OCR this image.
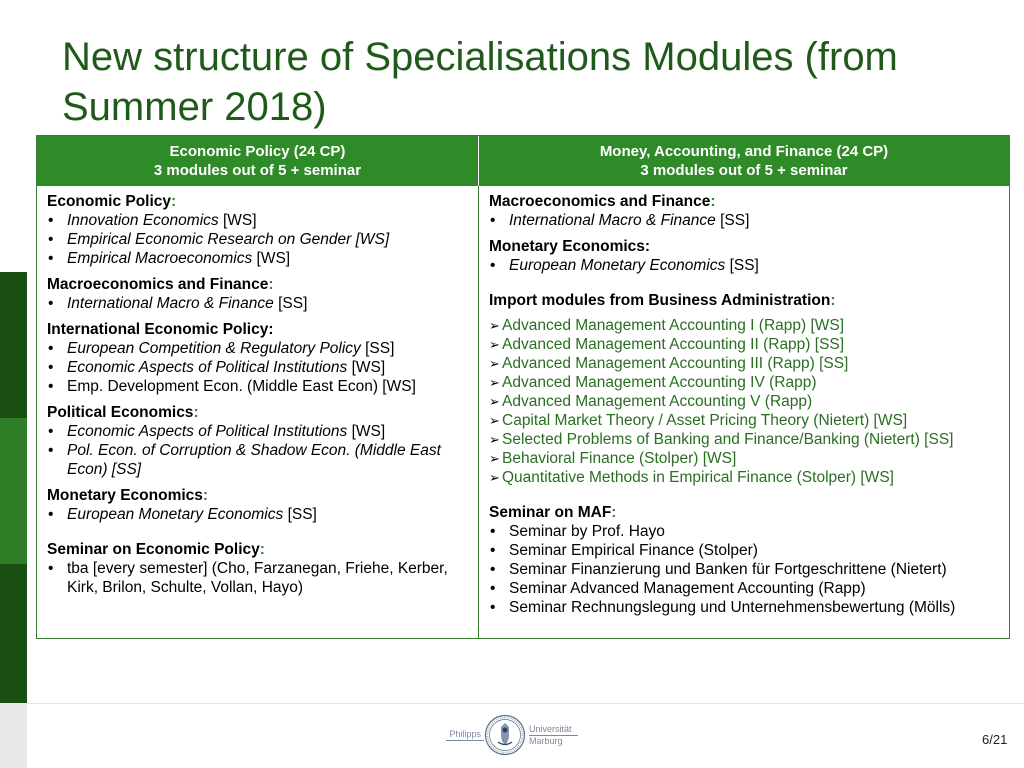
New structure of Specialisations Modules (from Summer 2018)
Economic Policy (24 CP)
3 modules out of 5 + seminar
Money, Accounting, and Finance (24 CP)
3 modules out of 5 + seminar
Economic Policy:
• Innovation Economics [WS]
• Empirical Economic Research on Gender [WS]
• Empirical Macroeconomics [WS]
Macroeconomics and Finance:
• International Macro & Finance [SS]
International Economic Policy:
• European Competition & Regulatory Policy [SS]
• Economic Aspects of Political Institutions [WS]
• Emp. Development Econ. (Middle East Econ) [WS]
Political Economics:
• Economic Aspects of Political Institutions [WS]
• Pol. Econ. of Corruption & Shadow Econ. (Middle East Econ) [SS]
Monetary Economics:
• European Monetary Economics [SS]
Seminar on Economic Policy:
• tba [every semester] (Cho, Farzanegan, Friehe, Kerber, Kirk, Brilon, Schulte, Vollan, Hayo)
Macroeconomics and Finance:
• International Macro & Finance [SS]
Monetary Economics:
• European Monetary Economics [SS]
Import modules from Business Administration:
➢ Advanced Management Accounting I (Rapp) [WS]
➢ Advanced Management Accounting II (Rapp) [SS]
➢ Advanced Management Accounting III (Rapp) [SS]
➢ Advanced Management Accounting IV (Rapp)
➢ Advanced Management Accounting V (Rapp)
➢ Capital Market Theory / Asset Pricing Theory (Nietert) [WS]
➢ Selected Problems of Banking and Finance/Banking (Nietert) [SS]
➢ Behavioral Finance (Stolper) [WS]
➢ Quantitative Methods in Empirical Finance (Stolper) [WS]
Seminar on MAF:
• Seminar by Prof. Hayo
• Seminar Empirical Finance (Stolper)
• Seminar Finanzierung und Banken für Fortgeschrittene (Nietert)
• Seminar Advanced Management Accounting (Rapp)
• Seminar Rechnungslegung und Unternehmensbewertung (Mölls)
Philipps
Universität
Marburg	6/21
